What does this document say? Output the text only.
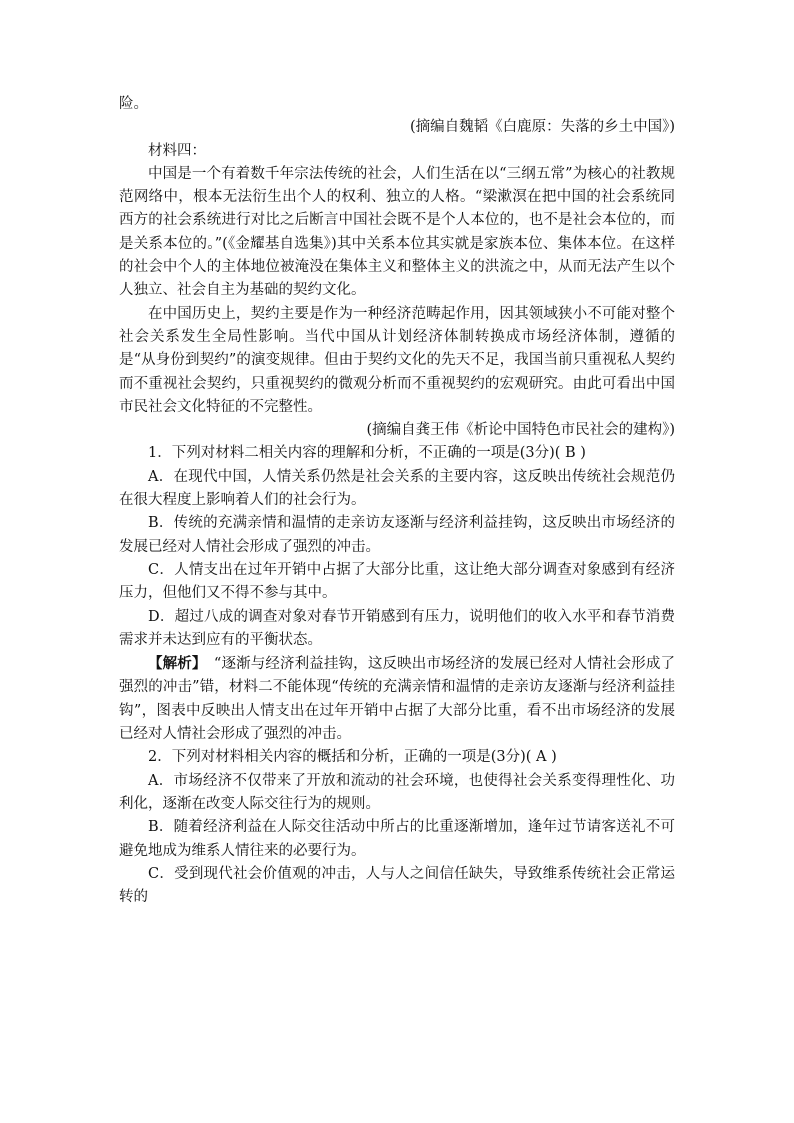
险。

(摘编自魏韬《白鹿原：失落的乡土中国》)

材料四：

中国是一个有着数千年宗法传统的社会，人们生活在以“三纲五常”为核心的社教规范网络中，根本无法衍生出个人的权利、独立的人格。“梁漱溟在把中国的社会系统同西方的社会系统进行对比之后断言中国社会既不是个人本位的，也不是社会本位的，而是关系本位的。”(《金耀基自选集》)其中关系本位其实就是家族本位、集体本位。在这样的社会中个人的主体地位被淹没在集体主义和整体主义的洪流之中，从而无法产生以个人独立、社会自主为基础的契约文化。

在中国历史上，契约主要是作为一种经济范畴起作用，因其领域狭小不可能对整个社会关系发生全局性影响。当代中国从计划经济体制转换成市场经济体制，遵循的是“从身份到契约”的演变规律。但由于契约文化的先天不足，我国当前只重视私人契约而不重视社会契约，只重视契约的微观分析而不重视契约的宏观研究。由此可看出中国市民社会文化特征的不完整性。

(摘编自龚王伟《析论中国特色市民社会的建构》)

1．下列对材料二相关内容的理解和分析，不正确的一项是(3分)( B )

A．在现代中国，人情关系仍然是社会关系的主要内容，这反映出传统社会规范仍在很大程度上影响着人们的社会行为。

B．传统的充满亲情和温情的走亲访友逐渐与经济利益挂钩，这反映出市场经济的发展已经对人情社会形成了强烈的冲击。

C．人情支出在过年开销中占据了大部分比重，这让绝大部分调查对象感到有经济压力，但他们又不得不参与其中。

D．超过八成的调查对象对春节开销感到有压力，说明他们的收入水平和春节消费需求并未达到应有的平衡状态。

【解析】　“逐渐与经济利益挂钩，这反映出市场经济的发展已经对人情社会形成了强烈的冲击”错，材料二不能体现“传统的充满亲情和温情的走亲访友逐渐与经济利益挂钩”，图表中反映出人情支出在过年开销中占据了大部分比重，看不出市场经济的发展已经对人情社会形成了强烈的冲击。

2．下列对材料相关内容的概括和分析，正确的一项是(3分)( A )

A．市场经济不仅带来了开放和流动的社会环境，也使得社会关系变得理性化、功利化，逐渐在改变人际交往行为的规则。

B．随着经济利益在人际交往活动中所占的比重逐渐增加，逢年过节请客送礼不可避免地成为维系人情往来的必要行为。

C．受到现代社会价值观的冲击，人与人之间信任缺失，导致维系传统社会正常运转的
